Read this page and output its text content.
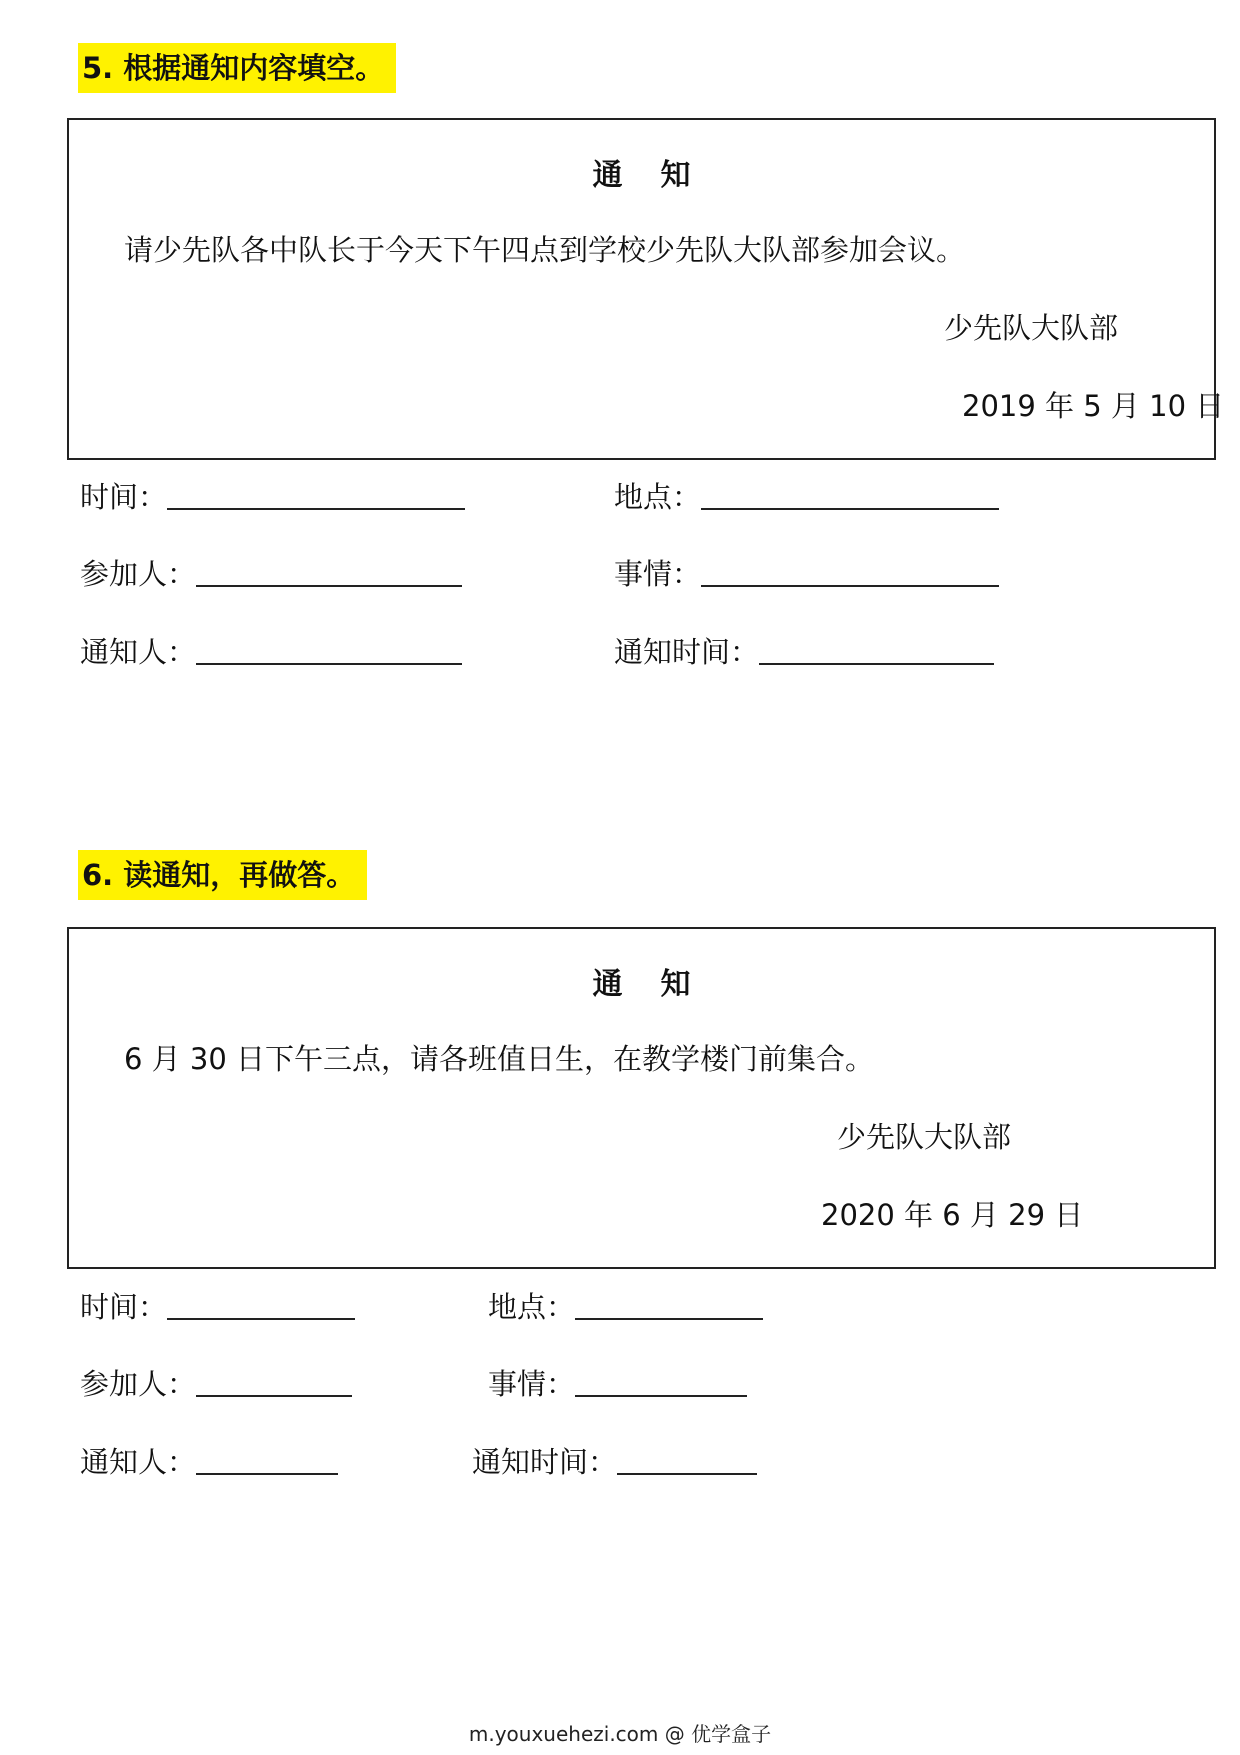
5. 根据通知内容填空。
通知
请少先队各中队长于今天下午四点到学校少先队大队部参加会议。
少先队大队部
2019 年 5 月 10 日
时间：	地点：
参加人：	事情：
通知人：	通知时间：
6. 读通知，再做答。
通知
6 月 30 日下午三点，请各班值日生，在教学楼门前集合。
少先队大队部
2020 年 6 月 29 日
时间：	地点：
参加人：	事情：
通知人：	通知时间：
m.youxuehezi.com @ 优学盒子
